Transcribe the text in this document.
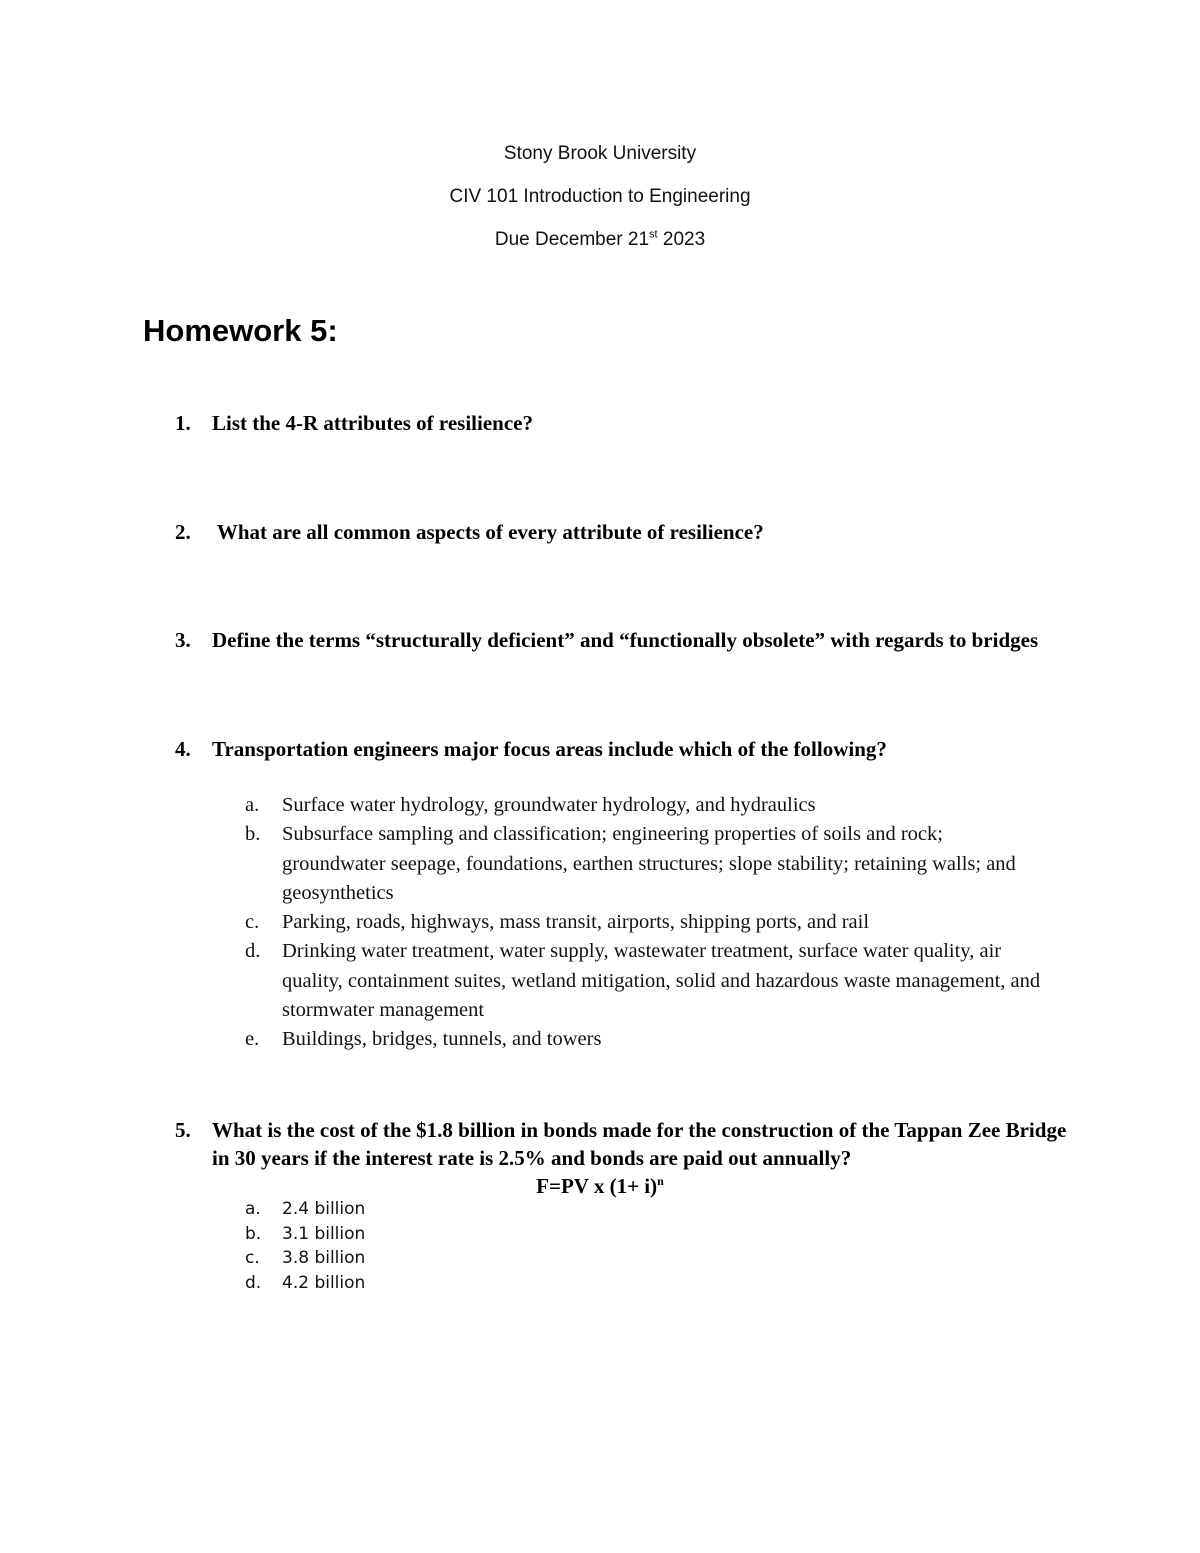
Stony Brook University
CIV 101 Introduction to Engineering
Due December 21st 2023
Homework 5:
1. List the 4-R attributes of resilience?
2. What are all common aspects of every attribute of resilience?
3. Define the terms “structurally deficient” and “functionally obsolete” with regards to bridges
4. Transportation engineers major focus areas include which of the following?
a. Surface water hydrology, groundwater hydrology, and hydraulics
b. Subsurface sampling and classification; engineering properties of soils and rock; groundwater seepage, foundations, earthen structures; slope stability; retaining walls; and geosynthetics
c. Parking, roads, highways, mass transit, airports, shipping ports, and rail
d. Drinking water treatment, water supply, wastewater treatment, surface water quality, air quality, containment suites, wetland mitigation, solid and hazardous waste management, and stormwater management
e. Buildings, bridges, tunnels, and towers
5. What is the cost of the $1.8 billion in bonds made for the construction of the Tappan Zee Bridge in 30 years if the interest rate is 2.5% and bonds are paid out annually?
F=PV x $(1+ i)^n$
a. 2.4 billion
b. 3.1 billion
c. 3.8 billion
d. 4.2 billion
